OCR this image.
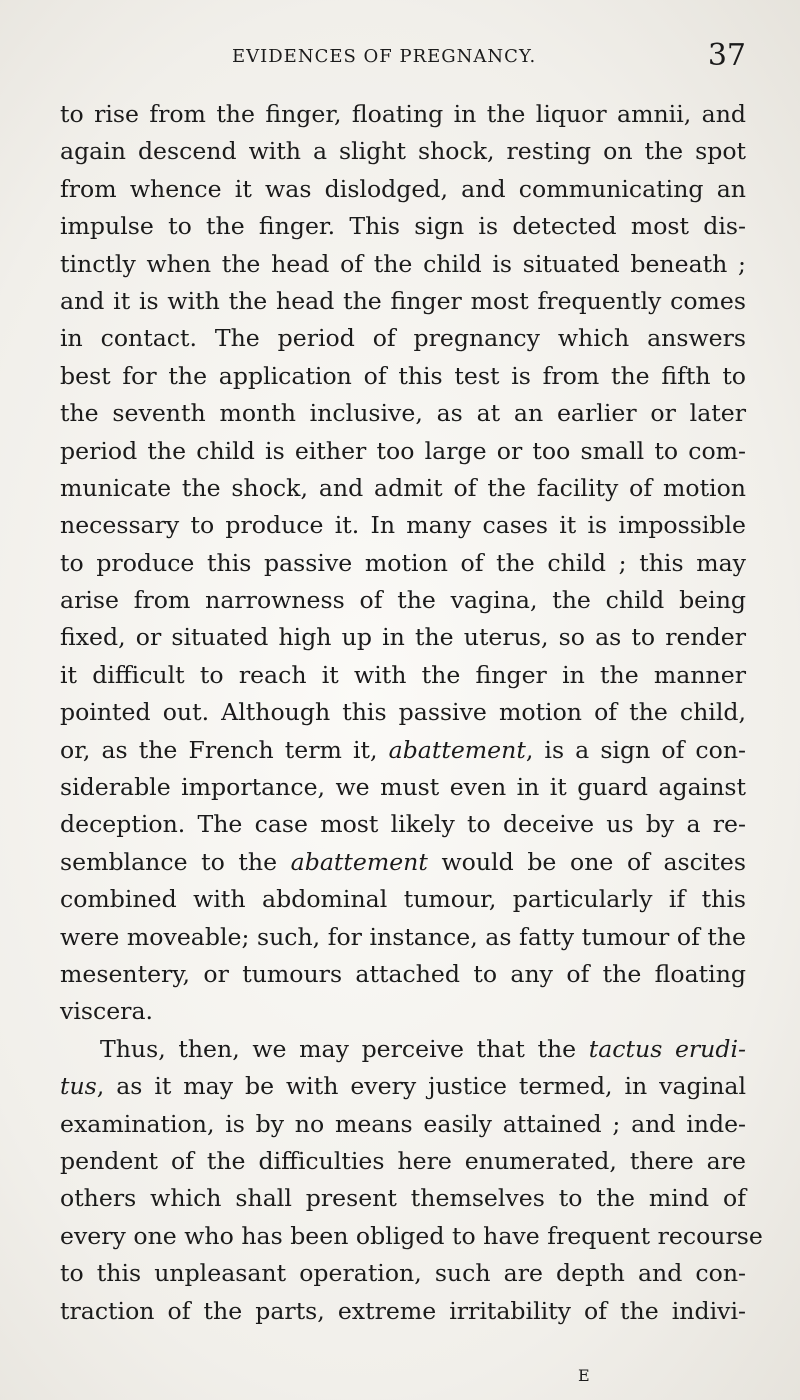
EVIDENCES OF PREGNANCY.	37
to rise from the finger, floating in the liquor amnii, and
again descend with a slight shock, resting on the spot
from whence it was dislodged, and communicating an
impulse to the finger. This sign is detected most dis-
tinctly when the head of the child is situated beneath ;
and it is with the head the finger most frequently comes
in contact. The period of pregnancy which answers
best for the application of this test is from the fifth to
the seventh month inclusive, as at an earlier or later
period the child is either too large or too small to com-
municate the shock, and admit of the facility of motion
necessary to produce it. In many cases it is impossible
to produce this passive motion of the child ; this may
arise from narrowness of the vagina, the child being
fixed, or situated high up in the uterus, so as to render
it difficult to reach it with the finger in the manner
pointed out. Although this passive motion of the child,
or, as the French term it, abattement, is a sign of con-
siderable importance, we must even in it guard against
deception. The case most likely to deceive us by a re-
semblance to the abattement would be one of ascites
combined with abdominal tumour, particularly if this
were moveable; such, for instance, as fatty tumour of the
mesentery, or tumours attached to any of the floating
viscera.
Thus, then, we may perceive that the tactus erudi-
tus, as it may be with every justice termed, in vaginal
examination, is by no means easily attained ; and inde-
pendent of the difficulties here enumerated, there are
others which shall present themselves to the mind of
every one who has been obliged to have frequent recourse
to this unpleasant operation, such are depth and con-
traction of the parts, extreme irritability of the indivi-
E
